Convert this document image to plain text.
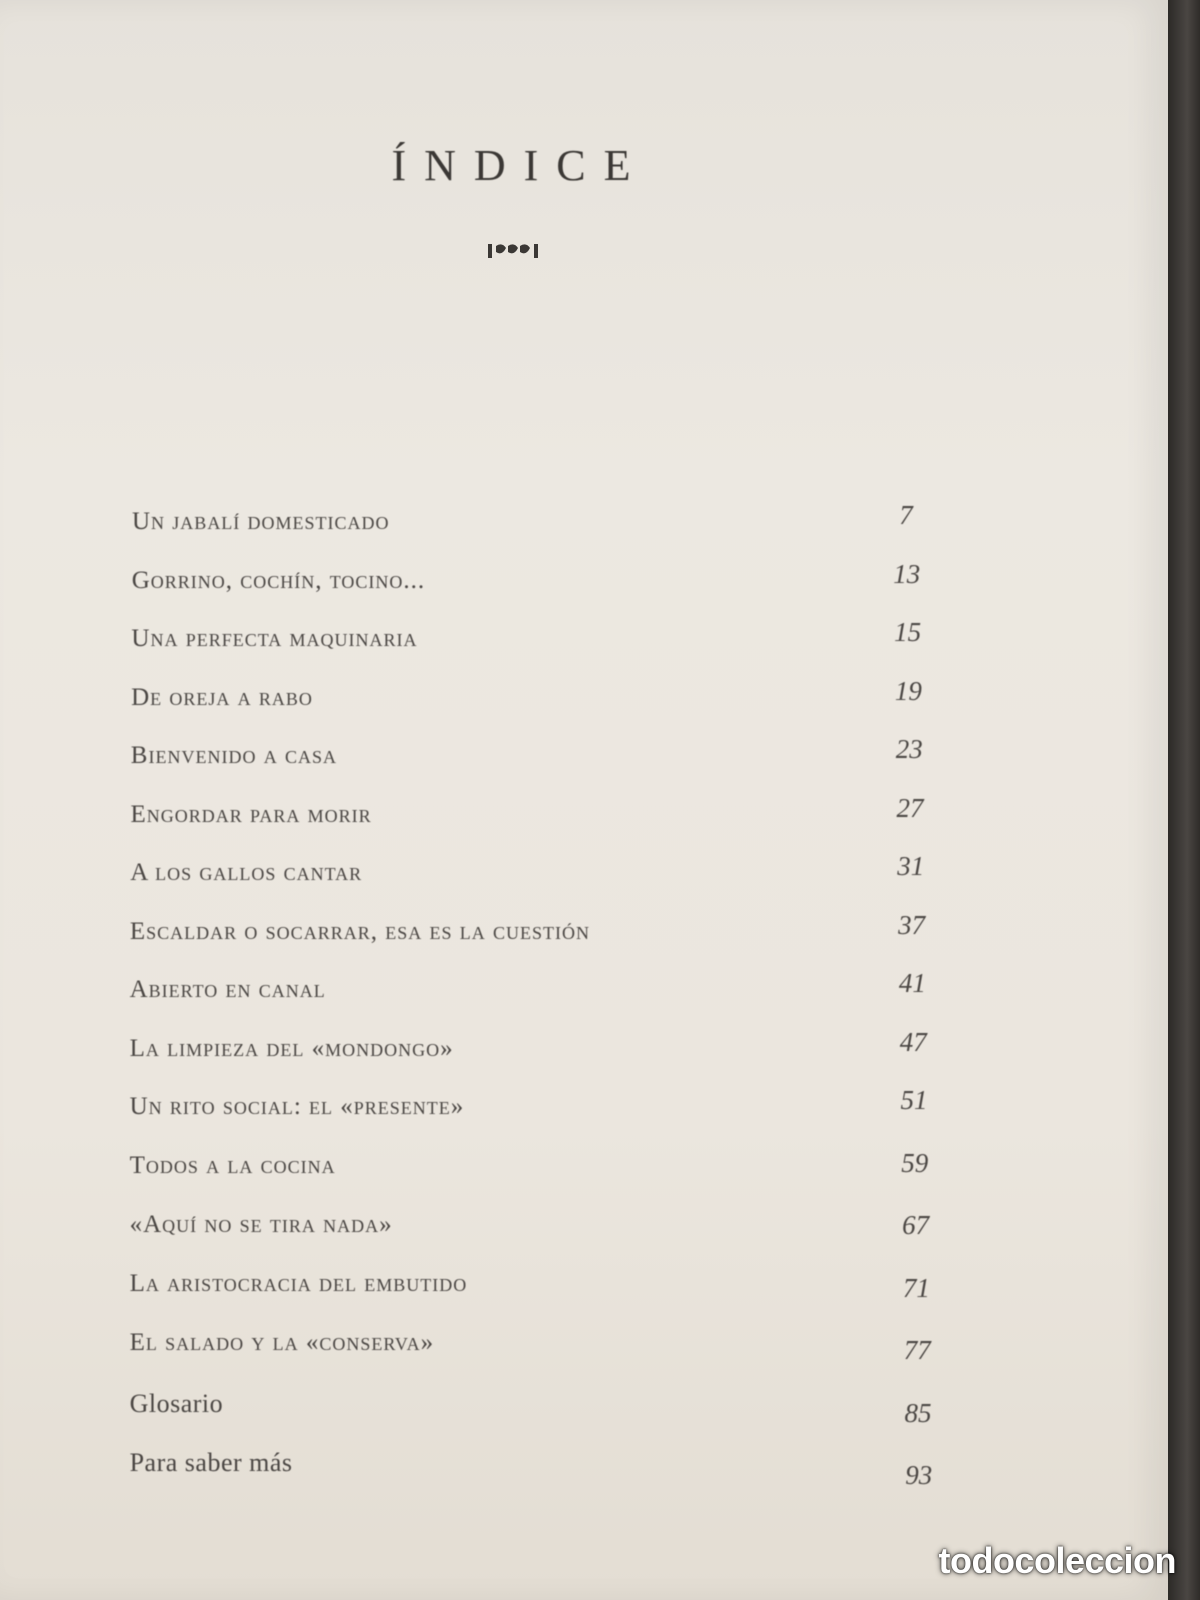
ÍNDICE
Un jabalí domesticado	7
Gorrino, cochín, tocino...	13
Una perfecta maquinaria	15
De oreja a rabo	19
Bienvenido a casa	23
Engordar para morir	27
A los gallos cantar	31
Escaldar o socarrar, esa es la cuestión	37
Abierto en canal	41
La limpieza del «mondongo»	47
Un rito social: el «presente»	51
Todos a la cocina	59
«Aquí no se tira nada»	67
La aristocracia del embutido	71
El salado y la «conserva»	77
Glosario	85
Para saber más	93
todocoleccion
